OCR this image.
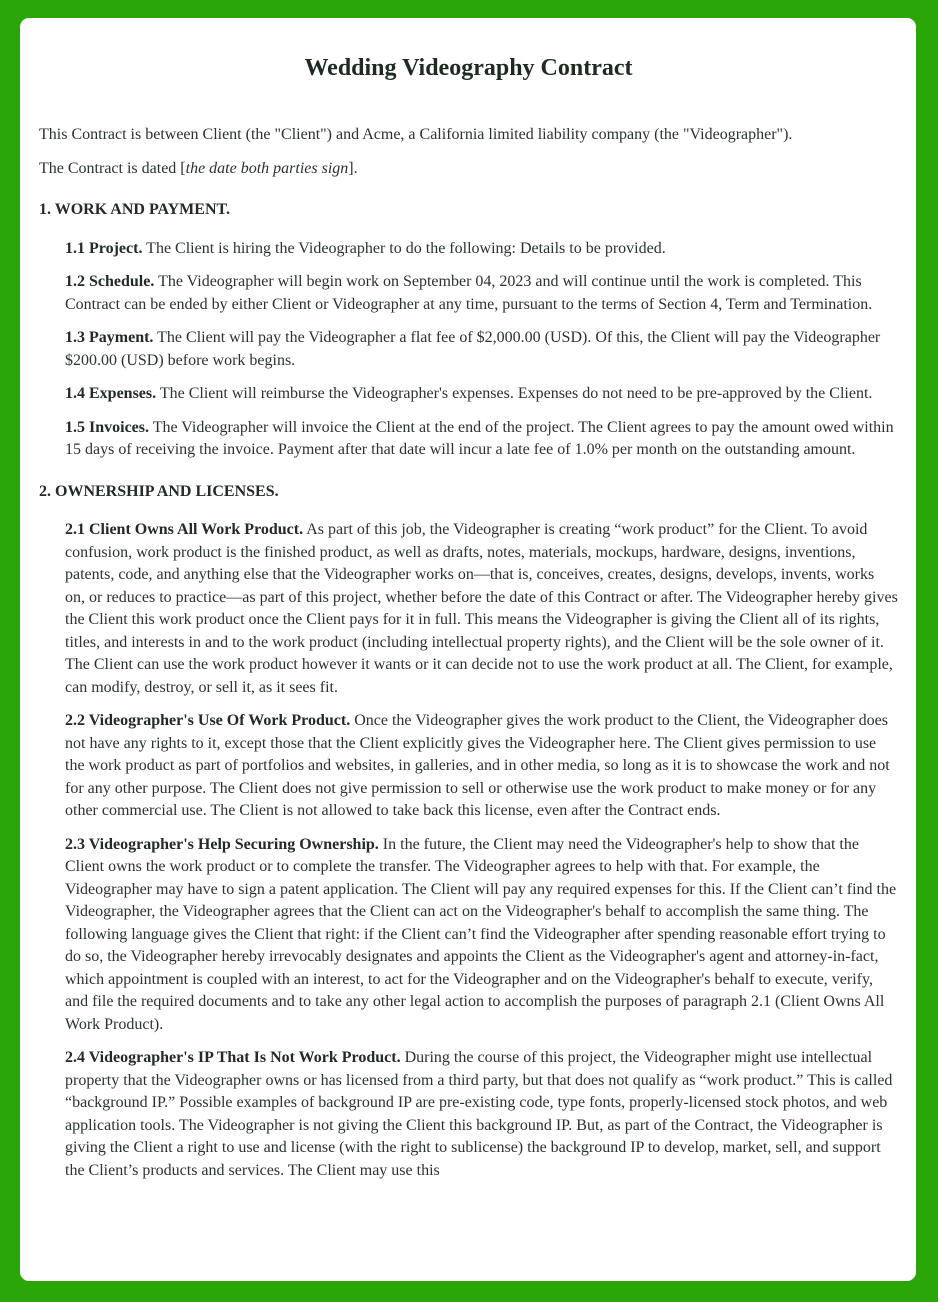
Wedding Videography Contract

This Contract is between Client (the "Client") and Acme, a California limited liability company (the "Videographer").

The Contract is dated [the date both parties sign].

1. WORK AND PAYMENT.

1.1 Project. The Client is hiring the Videographer to do the following: Details to be provided.

1.2 Schedule. The Videographer will begin work on September 04, 2023 and will continue until the work is completed. This Contract can be ended by either Client or Videographer at any time, pursuant to the terms of Section 4, Term and Termination.

1.3 Payment. The Client will pay the Videographer a flat fee of $2,000.00 (USD). Of this, the Client will pay the Videographer $200.00 (USD) before work begins.

1.4 Expenses. The Client will reimburse the Videographer's expenses. Expenses do not need to be pre-approved by the Client.

1.5 Invoices. The Videographer will invoice the Client at the end of the project. The Client agrees to pay the amount owed within 15 days of receiving the invoice. Payment after that date will incur a late fee of 1.0% per month on the outstanding amount.

2. OWNERSHIP AND LICENSES.

2.1 Client Owns All Work Product. As part of this job, the Videographer is creating “work product” for the Client. To avoid confusion, work product is the finished product, as well as drafts, notes, materials, mockups, hardware, designs, inventions, patents, code, and anything else that the Videographer works on—that is, conceives, creates, designs, develops, invents, works on, or reduces to practice—as part of this project, whether before the date of this Contract or after. The Videographer hereby gives the Client this work product once the Client pays for it in full. This means the Videographer is giving the Client all of its rights, titles, and interests in and to the work product (including intellectual property rights), and the Client will be the sole owner of it. The Client can use the work product however it wants or it can decide not to use the work product at all. The Client, for example, can modify, destroy, or sell it, as it sees fit.

2.2 Videographer's Use Of Work Product. Once the Videographer gives the work product to the Client, the Videographer does not have any rights to it, except those that the Client explicitly gives the Videographer here. The Client gives permission to use the work product as part of portfolios and websites, in galleries, and in other media, so long as it is to showcase the work and not for any other purpose. The Client does not give permission to sell or otherwise use the work product to make money or for any other commercial use. The Client is not allowed to take back this license, even after the Contract ends.

2.3 Videographer's Help Securing Ownership. In the future, the Client may need the Videographer's help to show that the Client owns the work product or to complete the transfer. The Videographer agrees to help with that. For example, the Videographer may have to sign a patent application. The Client will pay any required expenses for this. If the Client can’t find the Videographer, the Videographer agrees that the Client can act on the Videographer's behalf to accomplish the same thing. The following language gives the Client that right: if the Client can’t find the Videographer after spending reasonable effort trying to do so, the Videographer hereby irrevocably designates and appoints the Client as the Videographer's agent and attorney-in-fact, which appointment is coupled with an interest, to act for the Videographer and on the Videographer's behalf to execute, verify, and file the required documents and to take any other legal action to accomplish the purposes of paragraph 2.1 (Client Owns All Work Product).

2.4 Videographer's IP That Is Not Work Product. During the course of this project, the Videographer might use intellectual property that the Videographer owns or has licensed from a third party, but that does not qualify as “work product.” This is called “background IP.” Possible examples of background IP are pre-existing code, type fonts, properly-licensed stock photos, and web application tools. The Videographer is not giving the Client this background IP. But, as part of the Contract, the Videographer is giving the Client a right to use and license (with the right to sublicense) the background IP to develop, market, sell, and support the Client’s products and services. The Client may use this
